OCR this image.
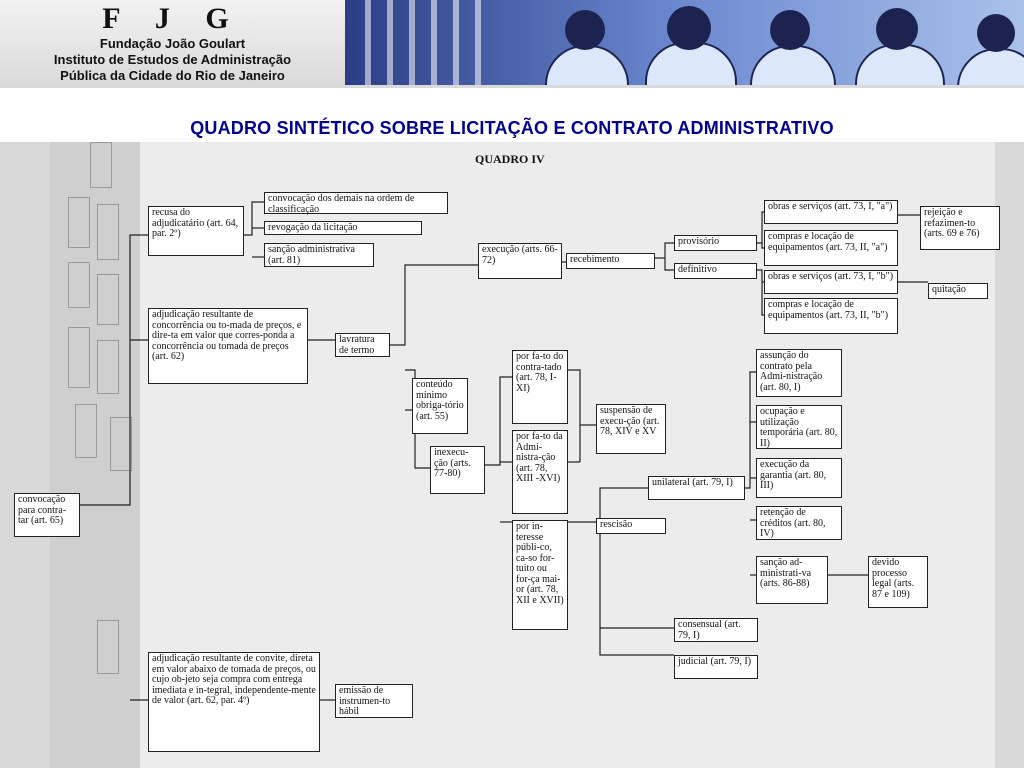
F J G
Fundação João Goulart
Instituto de Estudos de Administração
Pública da Cidade do Rio de Janeiro
QUADRO SINTÉTICO SOBRE LICITAÇÃO E CONTRATO ADMINISTRATIVO
QUADRO IV
convocação para contra-tar (art. 65)
recusa do adjudicatário (art. 64, par. 2º)
convocação dos demais na ordem de classificação
revogação da licitação
sanção administrativa (art. 81)
adjudicação resultante de concorrência ou to-mada de preços, e dire-ta em valor que corres-ponda a concorrência ou tomada de preços (art. 62)
lavratura de termo
conteúdo mínimo obriga-tório (art. 55)
execução (arts. 66-72)	recebimento
provisório
definitivo
obras e serviços (art. 73, I, "a")
compras e locação de equipamentos (art. 73, II, "a")
obras e serviços (art. 73, I, "b")
compras e locação de equipamentos (art. 73, II, "b")
rejeição e refazimen-to (arts. 69 e 76)
quitação
inexecu-ção (arts. 77-80)
por fa-to do contra-tado (art. 78, I-XI)
por fa-to da Admi-nistra-ção (art. 78, XIII -XVI)
por in-teresse públi-co, ca-so for-tuito ou for-ça mai-or (art. 78, XII e XVII)
suspensão de execu-ção (art. 78, XIV e XV
unilateral (art. 79, I)
rescisão
consensual (art. 79, I)
judicial (art. 79, I)
assunção do contrato pela Admi-nistração (art. 80, I)
ocupação e utilização temporária (art. 80, II)
execução da garantia (art. 80, III)
retenção de créditos (art. 80, IV)
sanção ad-ministrati-va (arts. 86-88)
devido processo legal (arts. 87 e 109)
adjudicação resultante de convite, direta em valor abaixo de tomada de preços, ou cujo ob-jeto seja compra com entrega imediata e in-tegral, independente-mente de valor (art. 62, par. 4º)
emissão de instrumen-to hábil
